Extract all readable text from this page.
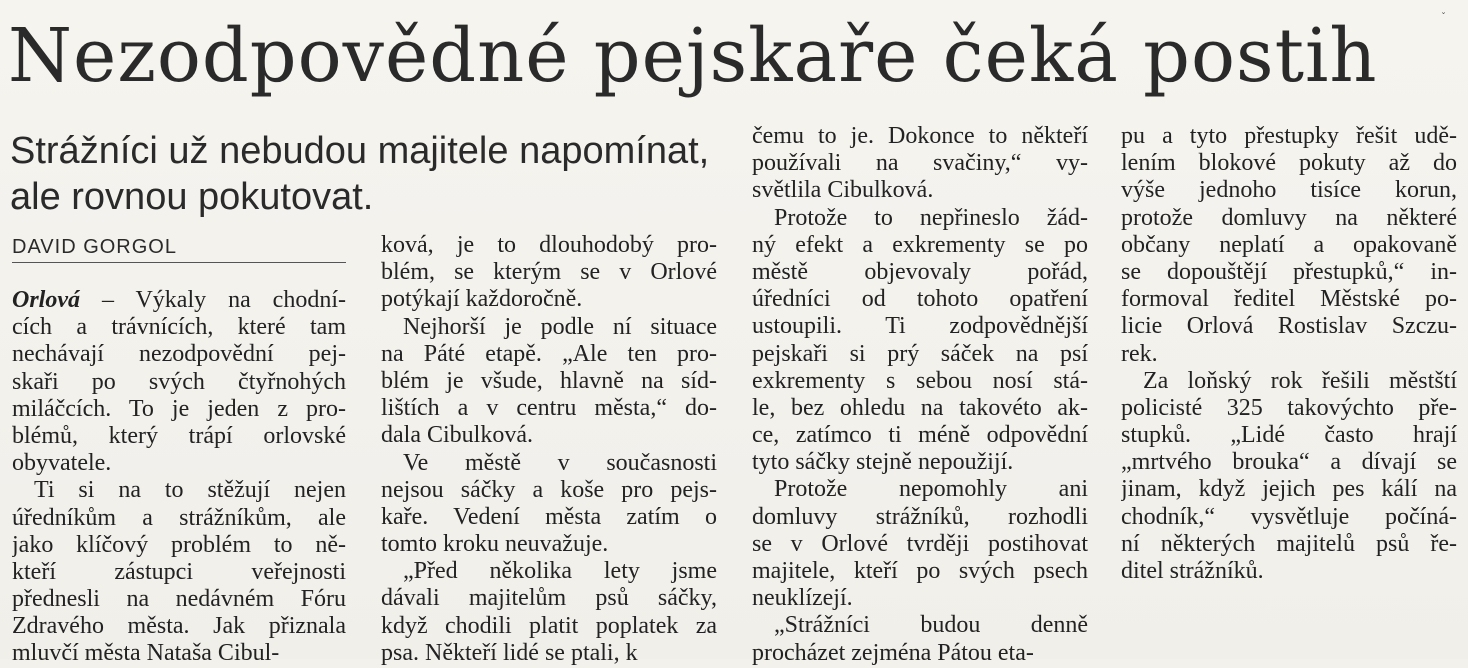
ˇ
Nezodpovědné pejskaře čeká postih
Strážníci už nebudou majitele napomínat,
ale rovnou pokutovat.
DAVID GORGOL
Orlová – Výkaly na chodní-
cích a trávnících, které tam
nechávají nezodpovědní pej-
skaři po svých čtyřnohých
miláčcích. To je jeden z pro-
blémů, který trápí orlovské
obyvatele.
Ti si na to stěžují nejen
úředníkům a strážníkům, ale
jako klíčový problém to ně-
kteří zástupci veřejnosti
přednesli na nedávném Fóru
Zdravého města. Jak přiznala
mluvčí města Nataša Cibul-
ková, je to dlouhodobý pro-
blém, se kterým se v Orlové
potýkají každoročně.
Nejhorší je podle ní situace
na Páté etapě. „Ale ten pro-
blém je všude, hlavně na síd-
lištích a v centru města,“ do-
dala Cibulková.
Ve městě v současnosti
nejsou sáčky a koše pro pejs-
kaře. Vedení města zatím o
tomto kroku neuvažuje.
„Před několika lety jsme
dávali majitelům psů sáčky,
když chodili platit poplatek za
psa. Někteří lidé se ptali, k
čemu to je. Dokonce to někteří
používali na svačiny,“ vy-
světlila Cibulková.
Protože to nepřineslo žád-
ný efekt a exkrementy se po
městě objevovaly pořád,
úředníci od tohoto opatření
ustoupili. Ti zodpovědnější
pejskaři si prý sáček na psí
exkrementy s sebou nosí stá-
le, bez ohledu na takovéto ak-
ce, zatímco ti méně odpovědní
tyto sáčky stejně nepoužijí.
Protože nepomohly ani
domluvy strážníků, rozhodli
se v Orlové tvrději postihovat
majitele, kteří po svých psech
neuklízejí.
„Strážníci budou denně
procházet zejména Pátou eta-
pu a tyto přestupky řešit udě-
lením blokové pokuty až do
výše jednoho tisíce korun,
protože domluvy na některé
občany neplatí a opakovaně
se dopouštějí přestupků,“ in-
formoval ředitel Městské po-
licie Orlová Rostislav Szczu-
rek.
Za loňský rok řešili městští
policisté 325 takovýchto pře-
stupků. „Lidé často hrají
„mrtvého brouka“ a dívají se
jinam, když jejich pes kálí na
chodník,“ vysvětluje počíná-
ní některých majitelů psů ře-
ditel strážníků.
